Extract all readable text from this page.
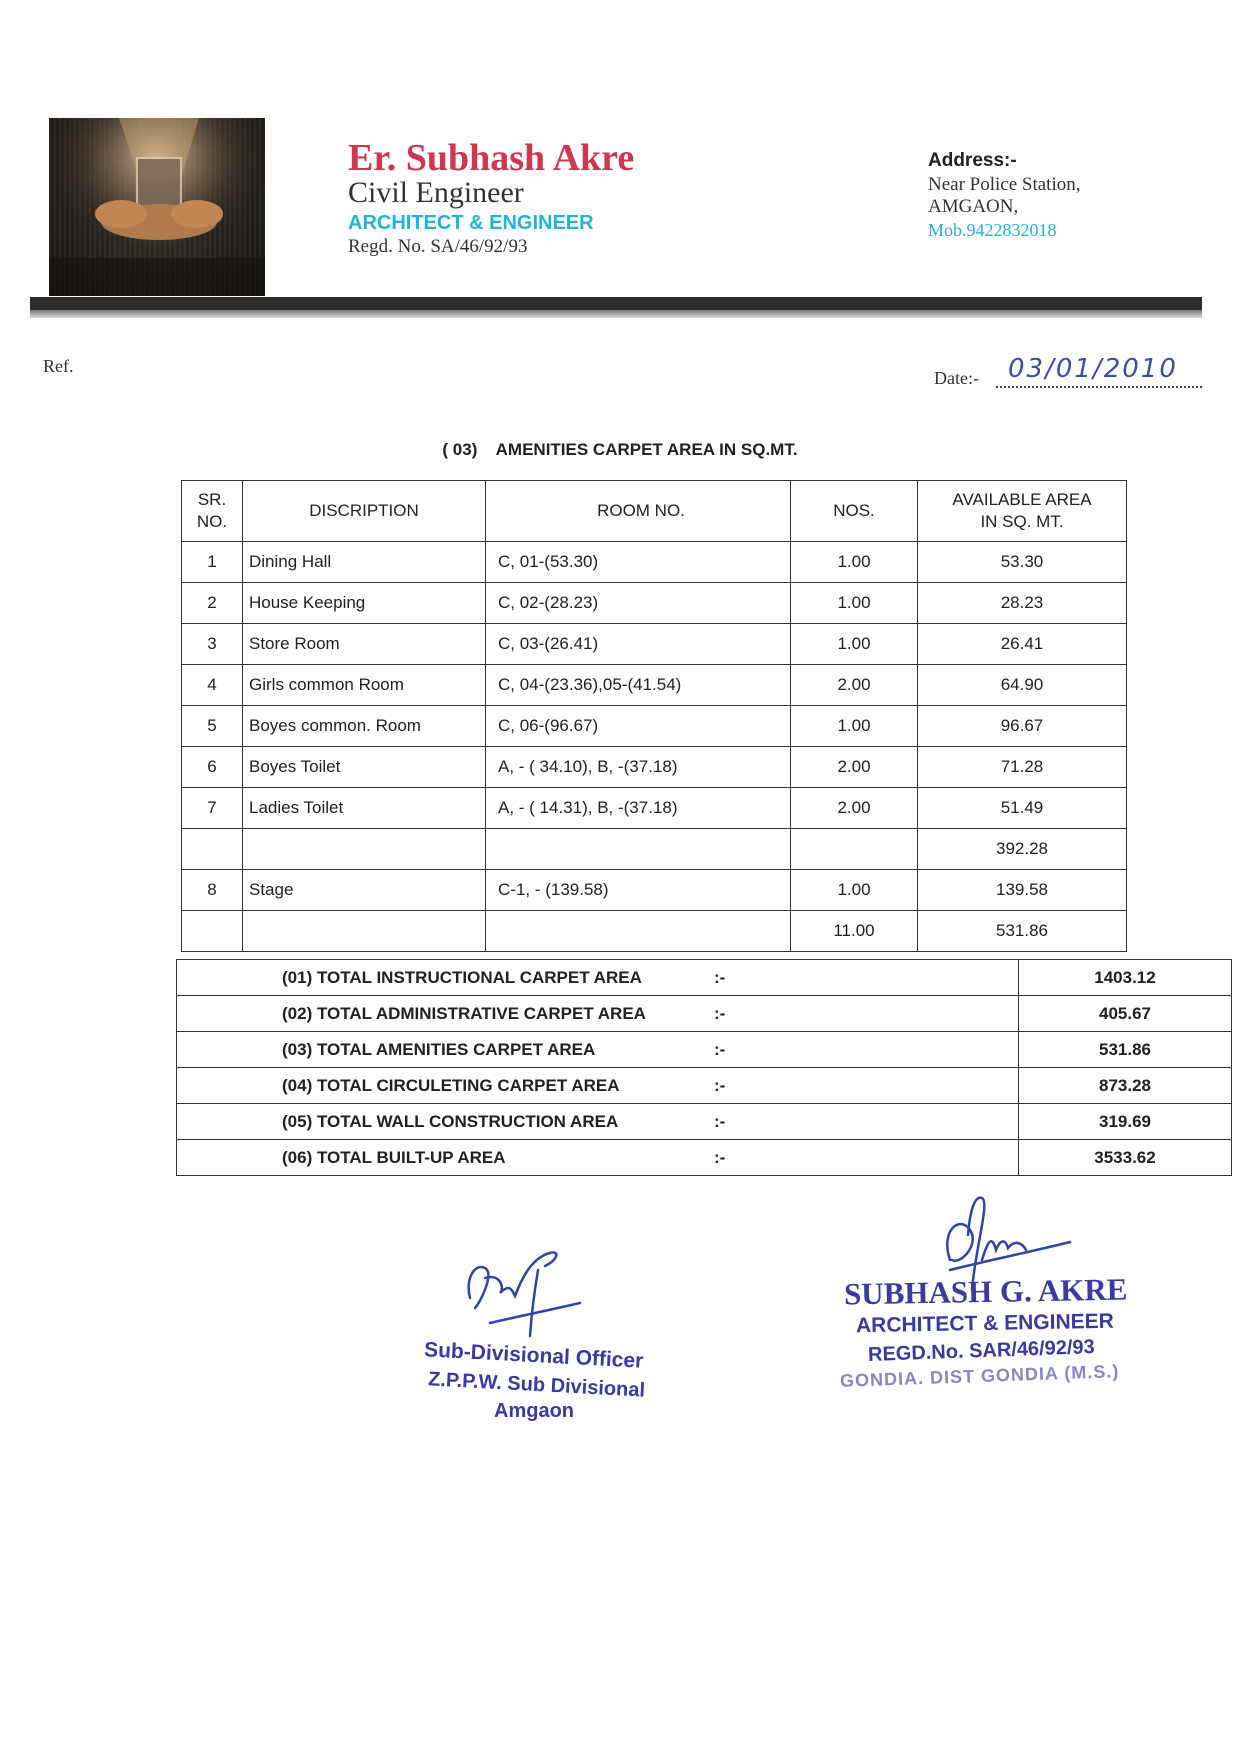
Er. Subhash Akre
Civil Engineer
ARCHITECT & ENGINEER
Regd. No. SA/46/92/93
Address:-
Near Police Station,
AMGAON,
Mob.9422832018
Ref.
Date:- 03/01/2010
( 03)    AMENITIES CARPET AREA IN SQ.MT.
SR.
NO.	DISCRIPTION	ROOM NO.	NOS.	AVAILABLE AREA
IN SQ. MT.
1	Dining Hall	C, 01-(53.30)	1.00	53.30
2	House Keeping	C, 02-(28.23)	1.00	28.23
3	Store Room	C, 03-(26.41)	1.00	26.41
4	Girls common Room	C, 04-(23.36),05-(41.54)	2.00	64.90
5	Boyes common. Room	C, 06-(96.67)	1.00	96.67
6	Boyes Toilet	A, - ( 34.10), B, -(37.18)	2.00	71.28
7	Ladies Toilet	A, - ( 14.31), B, -(37.18)	2.00	51.49
				392.28
8	Stage	C-1, - (139.58)	1.00	139.58
			11.00	531.86
(01) TOTAL INSTRUCTIONAL CARPET AREA :-	1403.12
(02) TOTAL ADMINISTRATIVE CARPET AREA :-	405.67
(03) TOTAL AMENITIES CARPET AREA :-	531.86
(04) TOTAL CIRCULETING CARPET AREA :-	873.28
(05) TOTAL WALL CONSTRUCTION AREA :-	319.69
(06) TOTAL BUILT-UP AREA :-	3533.62
Sub-Divisional Officer
Z.P.P.W. Sub Divisional
Amgaon
SUBHASH G. AKRE
ARCHITECT & ENGINEER
REGD.No. SAR/46/92/93
GONDIA. DIST GONDIA (M.S.)
